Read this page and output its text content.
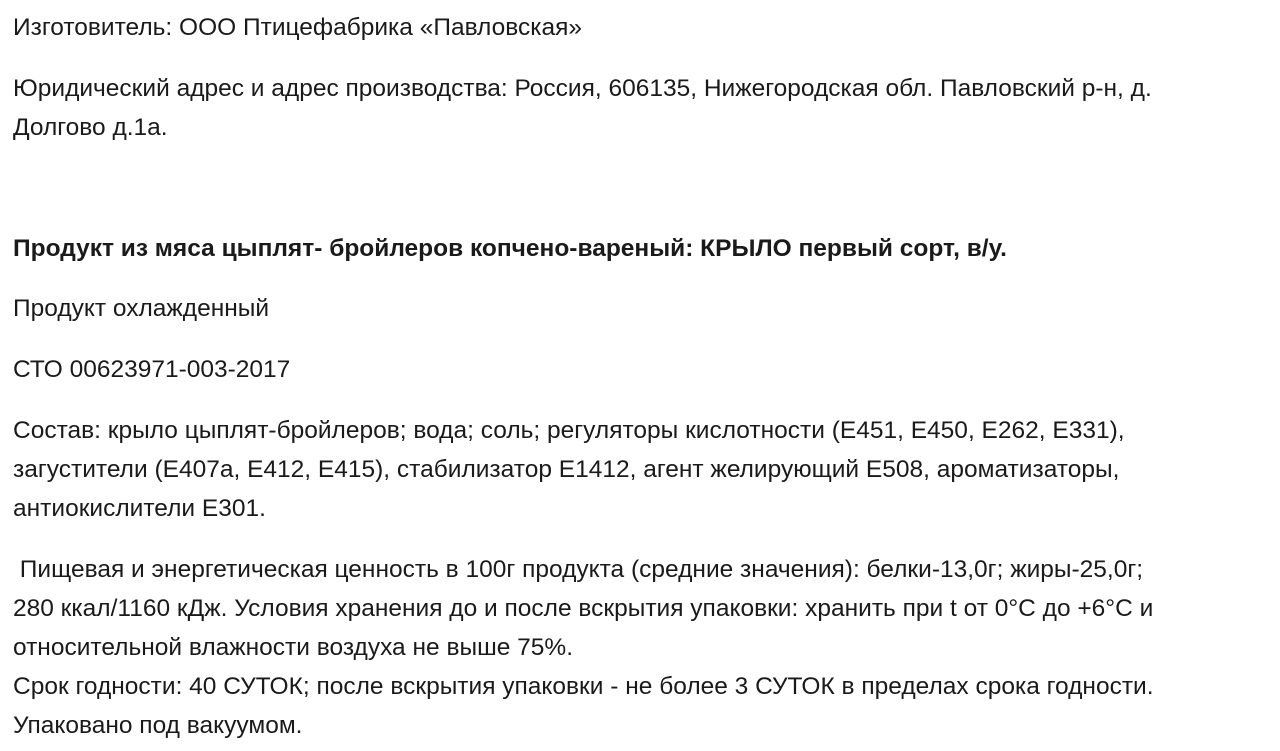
Изготовитель: ООО Птицефабрика «Павловская»
Юридический адрес и адрес производства: Россия, 606135, Нижегородская обл. Павловский р-н, д.
Долгово д.1а.
Продукт из мяса цыплят- бройлеров копчено-вареный: КРЫЛО первый сорт, в/у.
Продукт охлажденный
СТО 00623971-003-2017
Состав: крыло цыплят-бройлеров; вода; соль; регуляторы кислотности (Е451, Е450, Е262, Е331),
загустители (Е407а, Е412, Е415), стабилизатор Е1412, агент желирующий Е508, ароматизаторы,
антиокислители Е301.
Пищевая и энергетическая ценность в 100г продукта (средние значения): белки-13,0г; жиры-25,0г;
280 ккал/1160 кДж. Условия хранения до и после вскрытия упаковки: хранить при t от 0°С до +6°С и
относительной влажности воздуха не выше 75%.
Срок годности: 40 СУТОК; после вскрытия упаковки - не более 3 СУТОК в пределах срока годности.
Упаковано под вакуумом.
